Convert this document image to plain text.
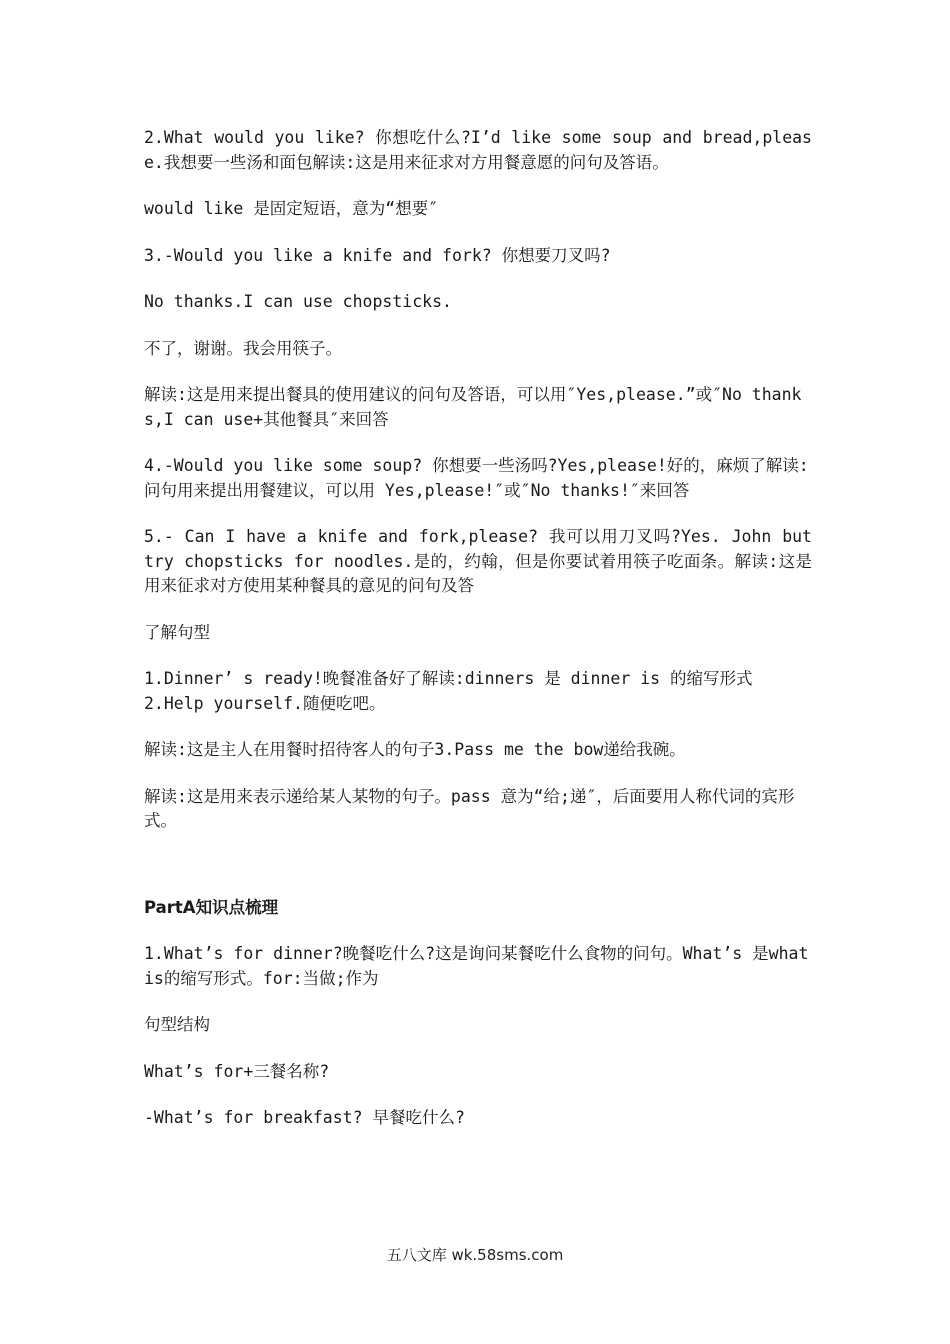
2.What would you like? 你想吃什么?I’d like some soup and bread,please.我想要一些汤和面包解读:这是用来征求对方用餐意愿的问句及答语。

would like 是固定短语，意为“想要″

3.-Would you like a knife and fork? 你想要刀叉吗?

No thanks.I can use chopsticks.

不了，谢谢。我会用筷子。

解读:这是用来提出餐具的使用建议的问句及答语，可以用″Yes,please.”或″No thanks,I can use+其他餐具″来回答

4.-Would you like some soup? 你想要一些汤吗?Yes,please!好的，麻烦了解读:问句用来提出用餐建议，可以用 Yes,please!″或″No thanks!″来回答

5.- Can I have a knife and fork,please? 我可以用刀叉吗?Yes. John but try chopsticks for noodles.是的，约翰，但是你要试着用筷子吃面条。解读:这是用来征求对方使用某种餐具的意见的问句及答

了解句型

1.Dinner’ s ready!晚餐准备好了解读:dinners 是 dinner is 的缩写形式

2.Help yourself.随便吃吧。

解读:这是主人在用餐时招待客人的句子3.Pass me the bow递给我碗。

解读:这是用来表示递给某人某物的句子。pass 意为“给;递″，后面要用人称代词的宾形式。

PartA知识点梳理

1.What’s for dinner?晚餐吃什么?这是询问某餐吃什么食物的问句。What’s 是whatis的缩写形式。for:当做;作为

句型结构

What’s for+三餐名称?

-What’s for breakfast? 早餐吃什么?

五八文库 wk.58sms.com
